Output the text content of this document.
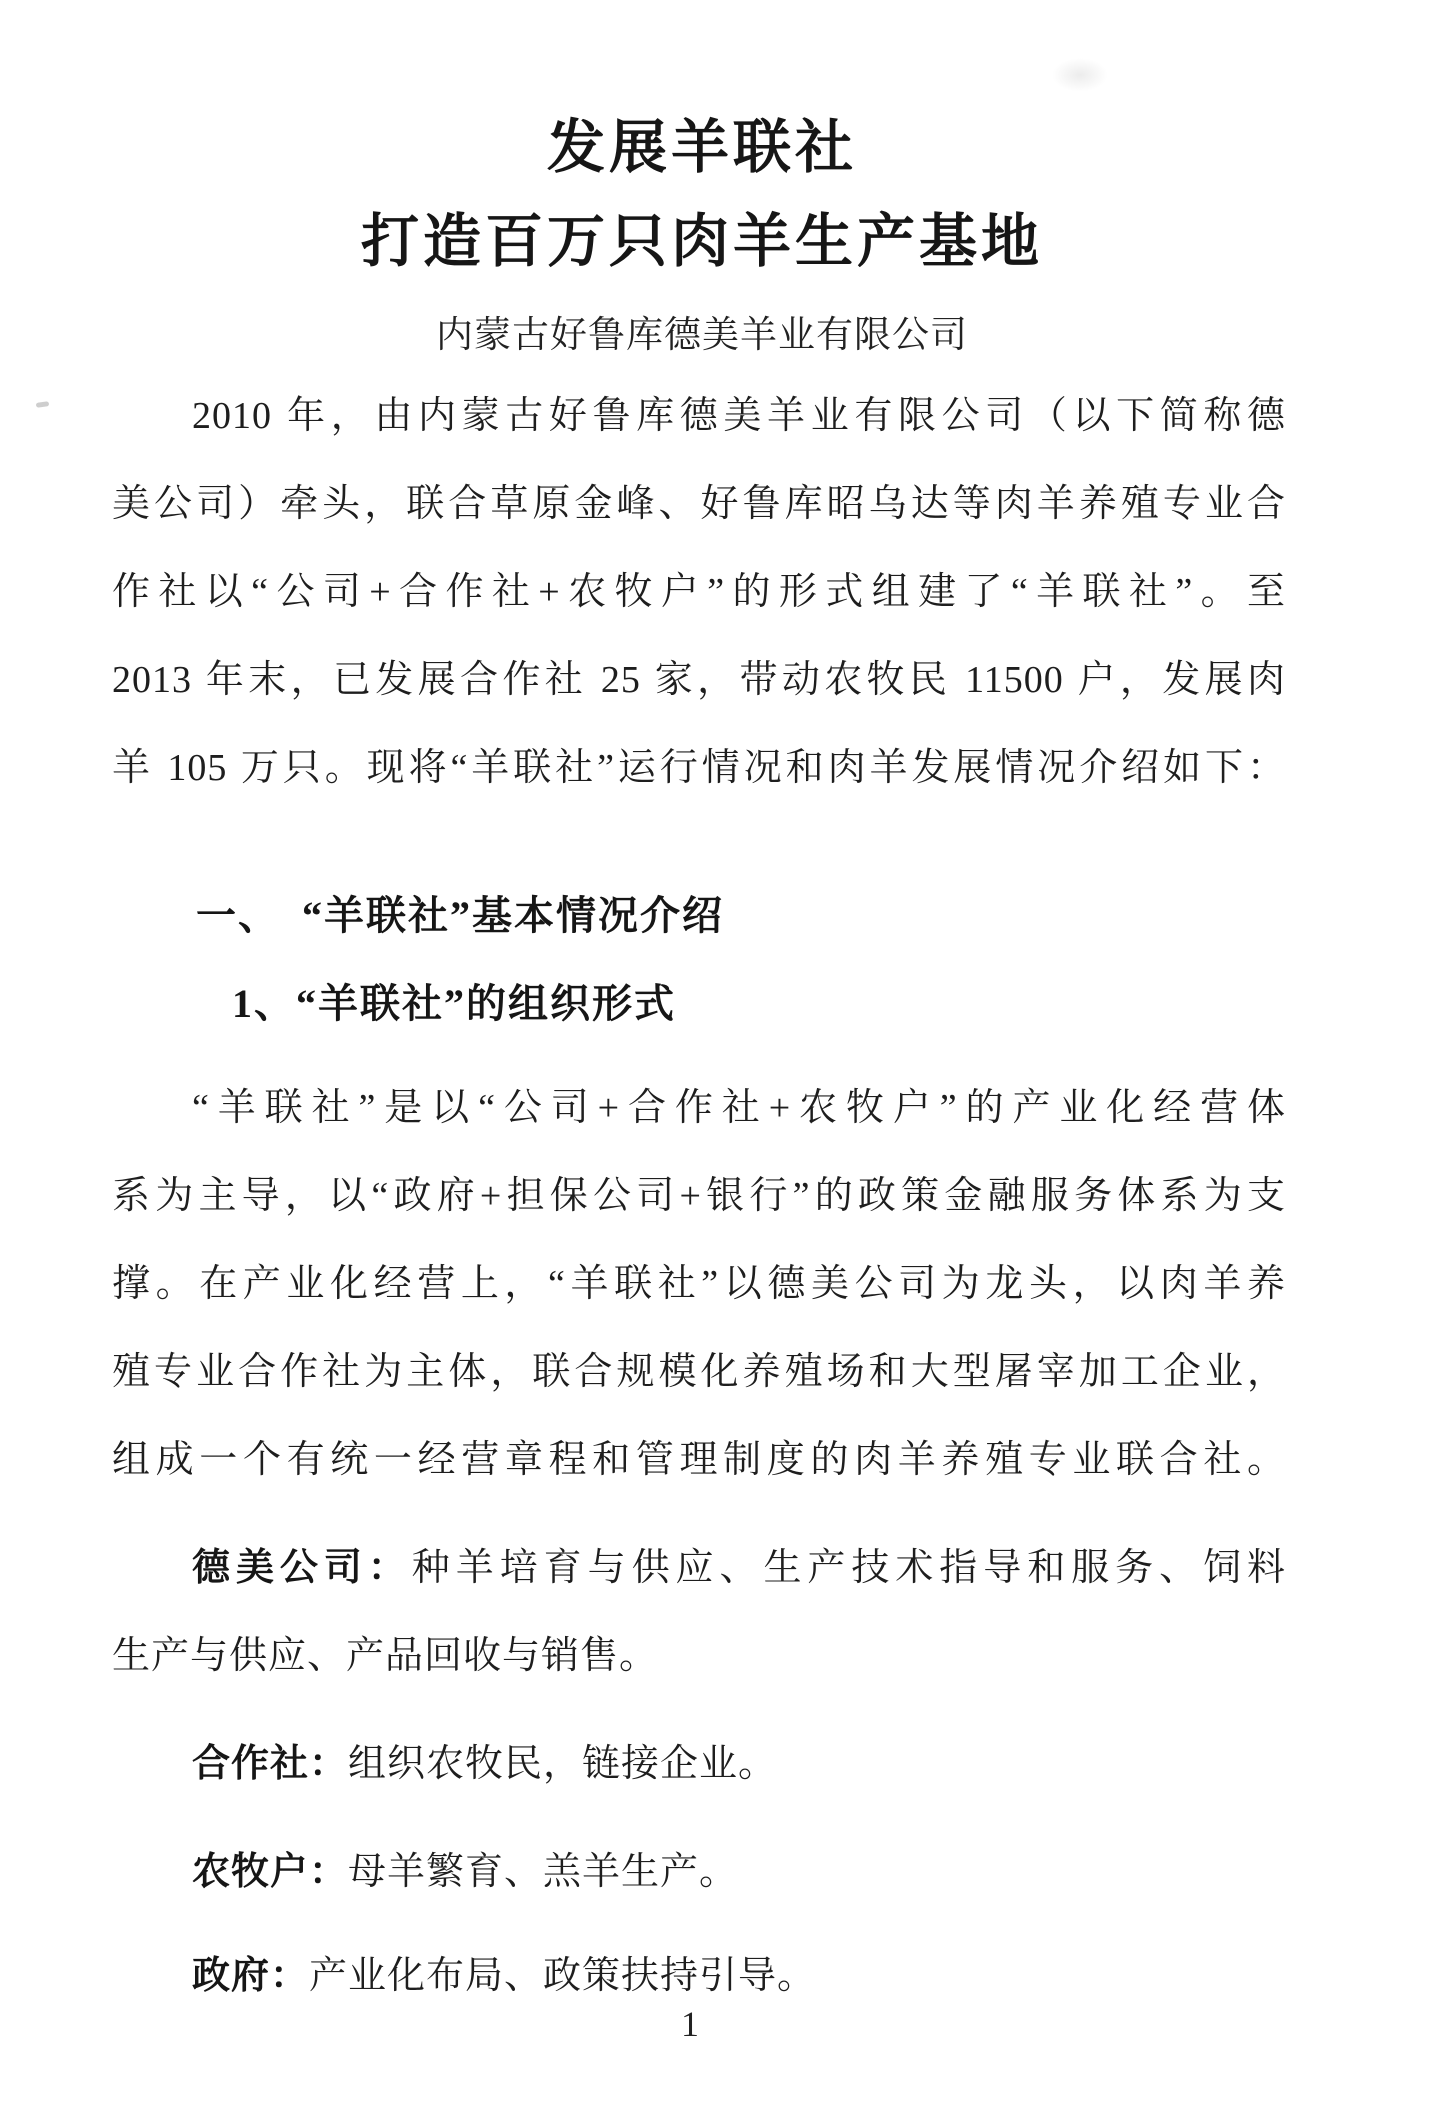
发展羊联社
打造百万只肉羊生产基地
内蒙古好鲁库德美羊业有限公司
2010 年，由内蒙古好鲁库德美羊业有限公司（以下简称德
美公司）牵头，联合草原金峰、好鲁库昭乌达等肉羊养殖专业合
作社以“公司+合作社+农牧户”的形式组建了“羊联社”。至
2013 年末，已发展合作社 25 家，带动农牧民 11500 户，发展肉
羊 105 万只。现将“羊联社”运行情况和肉羊发展情况介绍如下：
一、　“羊联社”基本情况介绍
1、“羊联社”的组织形式
“羊联社”是以“公司+合作社+农牧户”的产业化经营体
系为主导，以“政府+担保公司+银行”的政策金融服务体系为支
撑。在产业化经营上，“羊联社”以德美公司为龙头，以肉羊养
殖专业合作社为主体，联合规模化养殖场和大型屠宰加工企业，
组成一个有统一经营章程和管理制度的肉羊养殖专业联合社。
德美公司：种羊培育与供应、生产技术指导和服务、饲料
生产与供应、产品回收与销售。
合作社：组织农牧民，链接企业。
农牧户：母羊繁育、羔羊生产。
政府：产业化布局、政策扶持引导。
1
